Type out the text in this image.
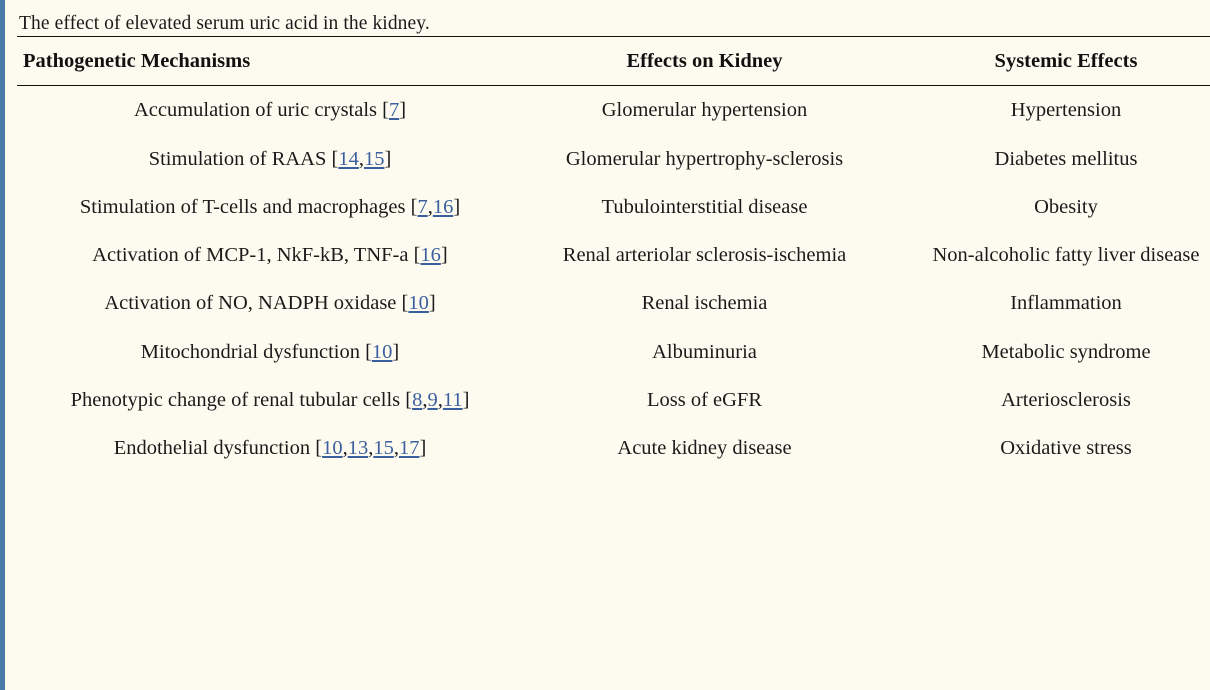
The effect of elevated serum uric acid in the kidney.
Pathogenetic Mechanisms	Effects on Kidney	Systemic Effects
Accumulation of uric crystals [7]	Glomerular hypertension	Hypertension
Stimulation of RAAS [14,15]	Glomerular hypertrophy-sclerosis	Diabetes mellitus
Stimulation of T-cells and macrophages [7,16]	Tubulointerstitial disease	Obesity
Activation of MCP-1, NkF-kB, TNF-a [16]	Renal arteriolar sclerosis-ischemia	Non-alcoholic fatty liver disease
Activation of NO, NADPH oxidase [10]	Renal ischemia	Inflammation
Mitochondrial dysfunction [10]	Albuminuria	Metabolic syndrome
Phenotypic change of renal tubular cells [8,9,11]	Loss of eGFR	Arteriosclerosis
Endothelial dysfunction [10,13,15,17]	Acute kidney disease	Oxidative stress
